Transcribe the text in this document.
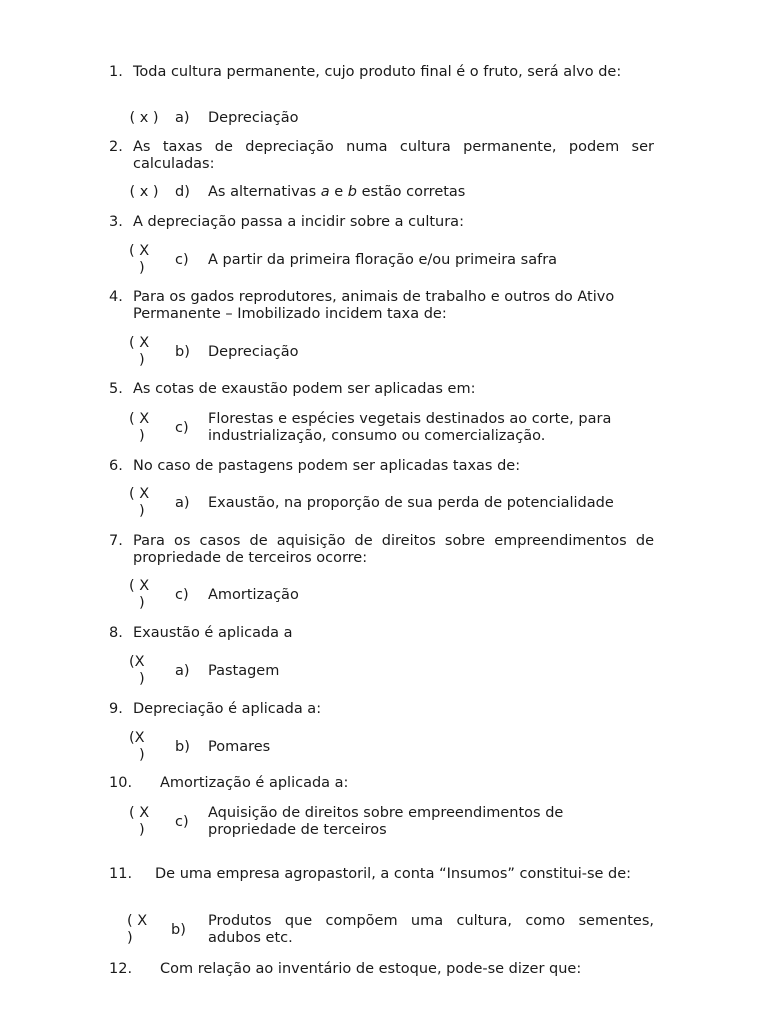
1. Toda cultura permanente, cujo produto final é o fruto, será alvo de:
( x )	a) Depreciação
2. As taxas de depreciação numa cultura permanente, podem ser calculadas:
( x )	d) As alternativas a e b estão corretas
3. A depreciação passa a incidir sobre a cultura:
( X
)	c) A partir da primeira floração e/ou primeira safra
4. Para os gados reprodutores, animais de trabalho e outros do Ativo Permanente – Imobilizado incidem taxa de:
( X
)	b) Depreciação
5. As cotas de exaustão podem ser aplicadas em:
( X
)	c)
Florestas e espécies vegetais destinados ao corte, para industrialização, consumo ou comercialização.
6. No caso de pastagens podem ser aplicadas taxas de:
( X
)	a) Exaustão, na proporção de sua perda de potencialidade
7. Para os casos de aquisição de direitos sobre empreendimentos de propriedade de terceiros ocorre:
( X
)	c) Amortização
8. Exaustão é aplicada a
(X
)	a) Pastagem
9. Depreciação é aplicada a:
(X
)	b) Pomares
10.	Amortização é aplicada a:
( X
)	c)
Aquisição de direitos sobre empreendimentos de propriedade de terceiros
11.	De uma empresa agropastoril, a conta “Insumos” constitui-se de:
( X
)	b)
Produtos que compõem uma cultura, como sementes, adubos etc.
12.	Com relação ao inventário de estoque, pode-se dizer que:
